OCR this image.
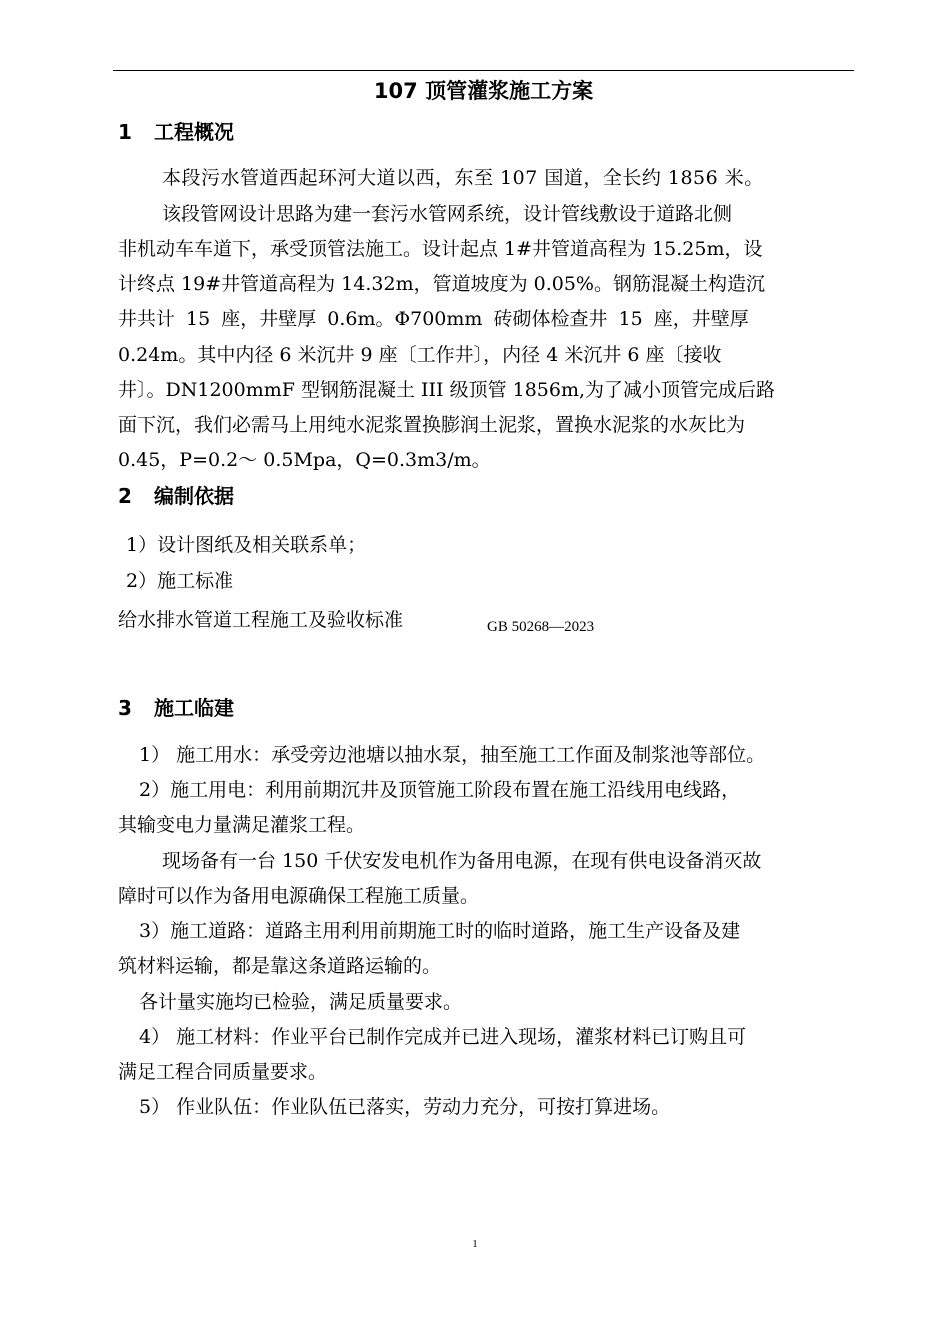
107 顶管灌浆施工方案
1 工程概况
本段污水管道西起环河大道以西，东至 107 国道，全长约 1856 米。
该段管网设计思路为建一套污水管网系统，设计管线敷设于道路北侧
非机动车车道下，承受顶管法施工。设计起点 1#井管道高程为 15.25m，设
计终点 19#井管道高程为 14.32m，管道坡度为 0.05%。钢筋混凝土构造沉
井共计 15 座，井壁厚 0.6m。Φ700mm 砖砌体检查井 15 座，井壁厚
0.24m。其中内径 6 米沉井 9 座〔工作井〕，内径 4 米沉井 6 座〔接收
井〕。DN1200mmF 型钢筋混凝土 III 级顶管 1856m,为了减小顶管完成后路
面下沉，我们必需马上用纯水泥浆置换膨润土泥浆，置换水泥浆的水灰比为
0.45，P=0.2～ 0.5Mpa，Q=0.3m3/m。
2 编制依据
1）设计图纸及相关联系单；
2）施工标准
给水排水管道工程施工及验收标准	GB 50268—2023
3 施工临建
1） 施工用水：承受旁边池塘以抽水泵，抽至施工工作面及制浆池等部位。
2）施工用电：利用前期沉井及顶管施工阶段布置在施工沿线用电线路，
其输变电力量满足灌浆工程。
现场备有一台 150 千伏安发电机作为备用电源，在现有供电设备消灭故
障时可以作为备用电源确保工程施工质量。
3）施工道路：道路主用利用前期施工时的临时道路，施工生产设备及建
筑材料运输，都是靠这条道路运输的。
各计量实施均已检验，满足质量要求。
4） 施工材料：作业平台已制作完成并已进入现场，灌浆材料已订购且可
满足工程合同质量要求。
5） 作业队伍：作业队伍已落实，劳动力充分，可按打算进场。
1
